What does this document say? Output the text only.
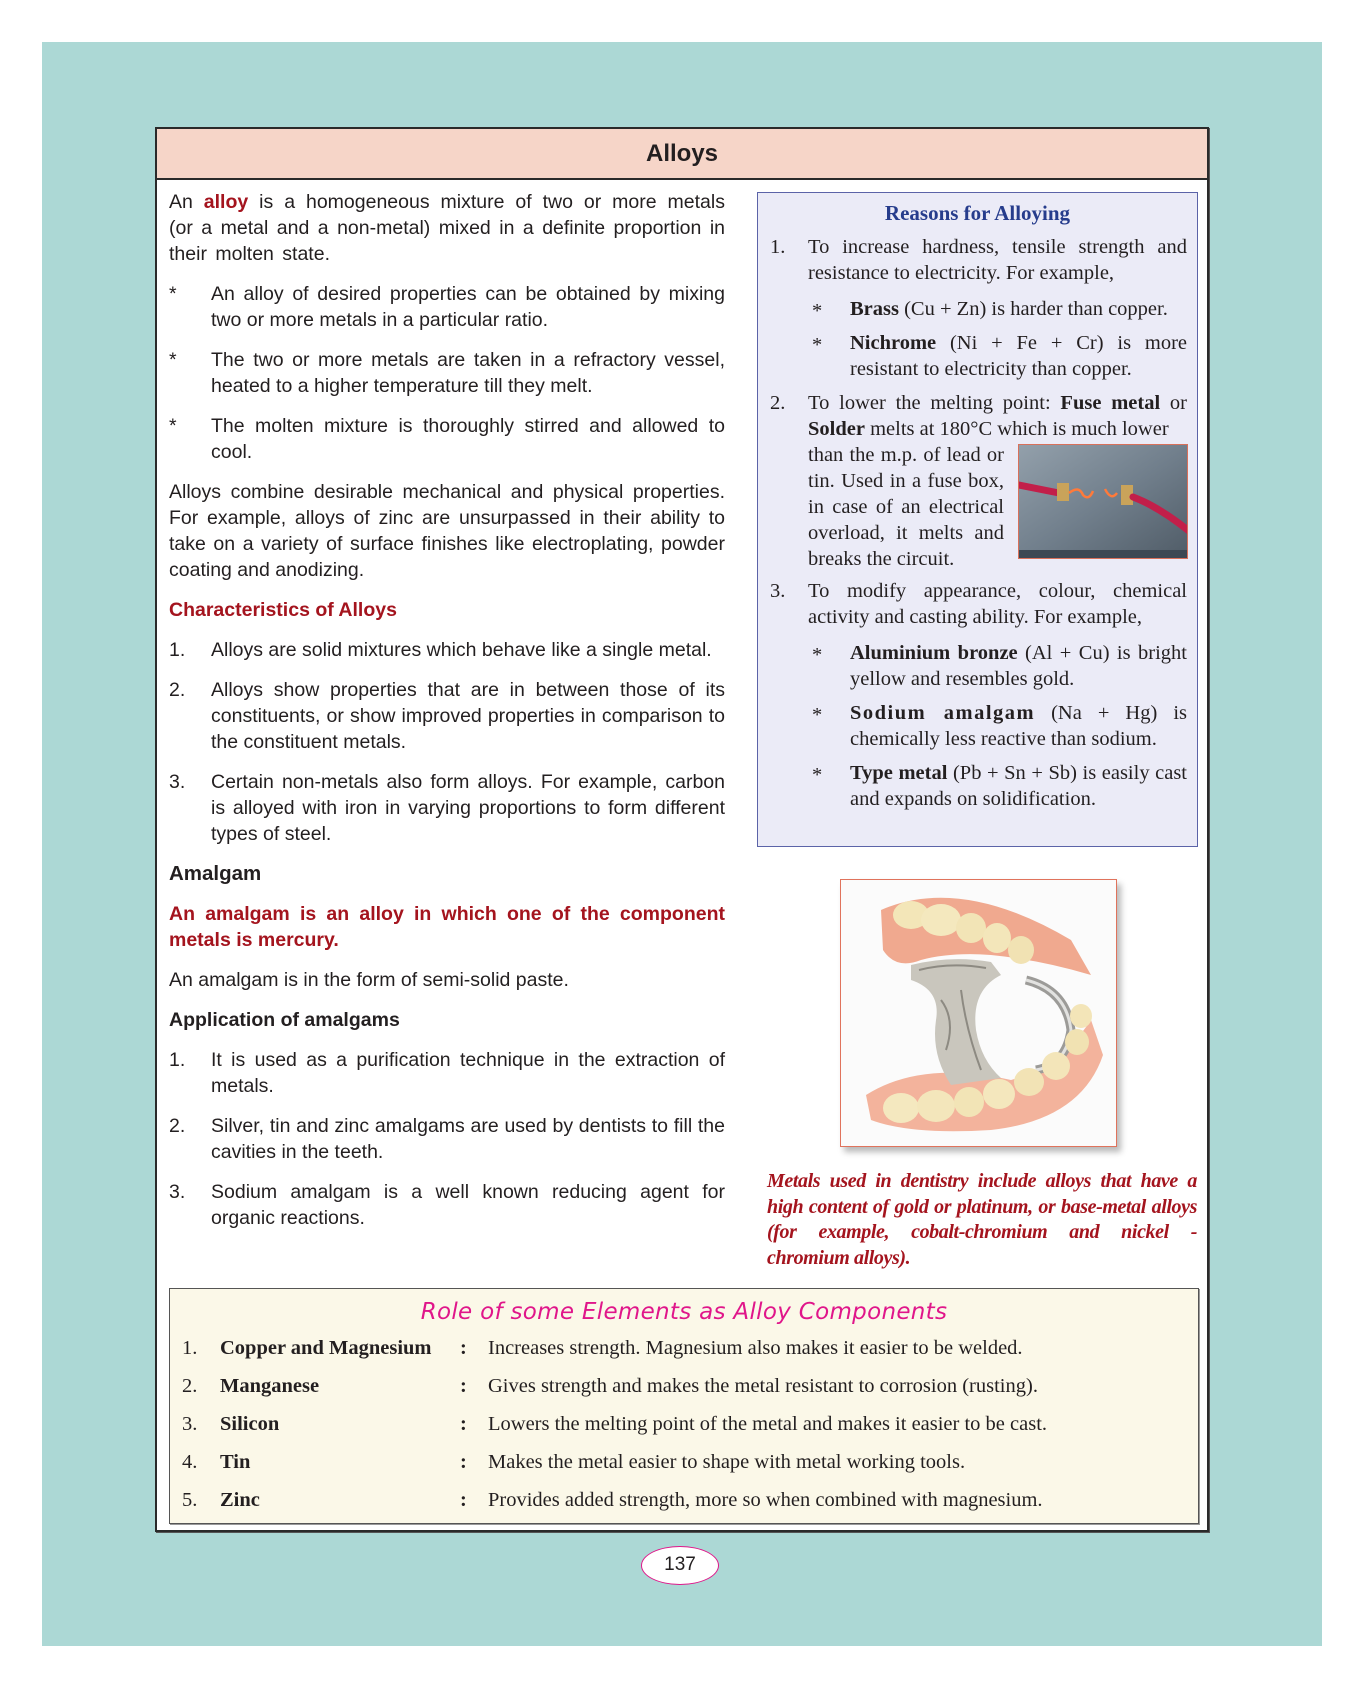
Alloys

An alloy is a homogeneous mixture of two or more metals (or a metal and a non-metal) mixed in a definite proportion in their molten state.

*	An alloy of desired properties can be obtained by mixing two or more metals in a particular ratio.
*	The two or more metals are taken in a refractory vessel, heated to a higher temperature till they melt.
*	The molten mixture is thoroughly stirred and allowed to cool.

Alloys combine desirable mechanical and physical properties. For example, alloys of zinc are unsurpassed in their ability to take on a variety of surface finishes like electroplating, powder coating and anodizing.

Characteristics of Alloys

1.	Alloys are solid mixtures which behave like a single metal.
2.	Alloys show properties that are in between those of its constituents, or show improved properties in comparison to the constituent metals.
3.	Certain non-metals also form alloys. For example, carbon is alloyed with iron in varying proportions to form different types of steel.

Amalgam

An amalgam is an alloy in which one of the component metals is mercury.

An amalgam is in the form of semi-solid paste.

Application of amalgams

1.	It is used as a purification technique in the extraction of metals.
2.	Silver, tin and zinc amalgams are used by dentists to fill the cavities in the teeth.
3.	Sodium amalgam is a well known reducing agent for organic reactions.
Reasons for Alloying
1. To increase hardness, tensile strength and resistance to electricity. For example,
* Brass (Cu + Zn) is harder than copper.
* Nichrome (Ni + Fe + Cr) is more resistant to electricity than copper.
2. To lower the melting point: Fuse metal or Solder melts at 180°C which is much lower
than the m.p. of lead or tin. Used in a fuse box, in case of an electrical overload, it melts and breaks the circuit.
3. To modify appearance, colour, chemical activity and casting ability. For example,
* Aluminium bronze (Al + Cu) is bright yellow and resembles gold.
* Sodium amalgam (Na + Hg) is chemically less reactive than sodium.
* Type metal (Pb + Sn + Sb) is easily cast and expands on solidification.
Metals used in dentistry include alloys that have a high content of gold or platinum, or base-metal alloys (for example, cobalt-chromium and nickel - chromium alloys).
Role of some Elements as Alloy Components
1. Copper and Magnesium : Increases strength. Magnesium also makes it easier to be welded.
2. Manganese	: Gives strength and makes the metal resistant to corrosion (rusting).
3. Silicon	: Lowers the melting point of the metal and makes it easier to be cast.
4. Tin	: Makes the metal easier to shape with metal working tools.
5. Zinc	: Provides added strength, more so when combined with magnesium.
137
